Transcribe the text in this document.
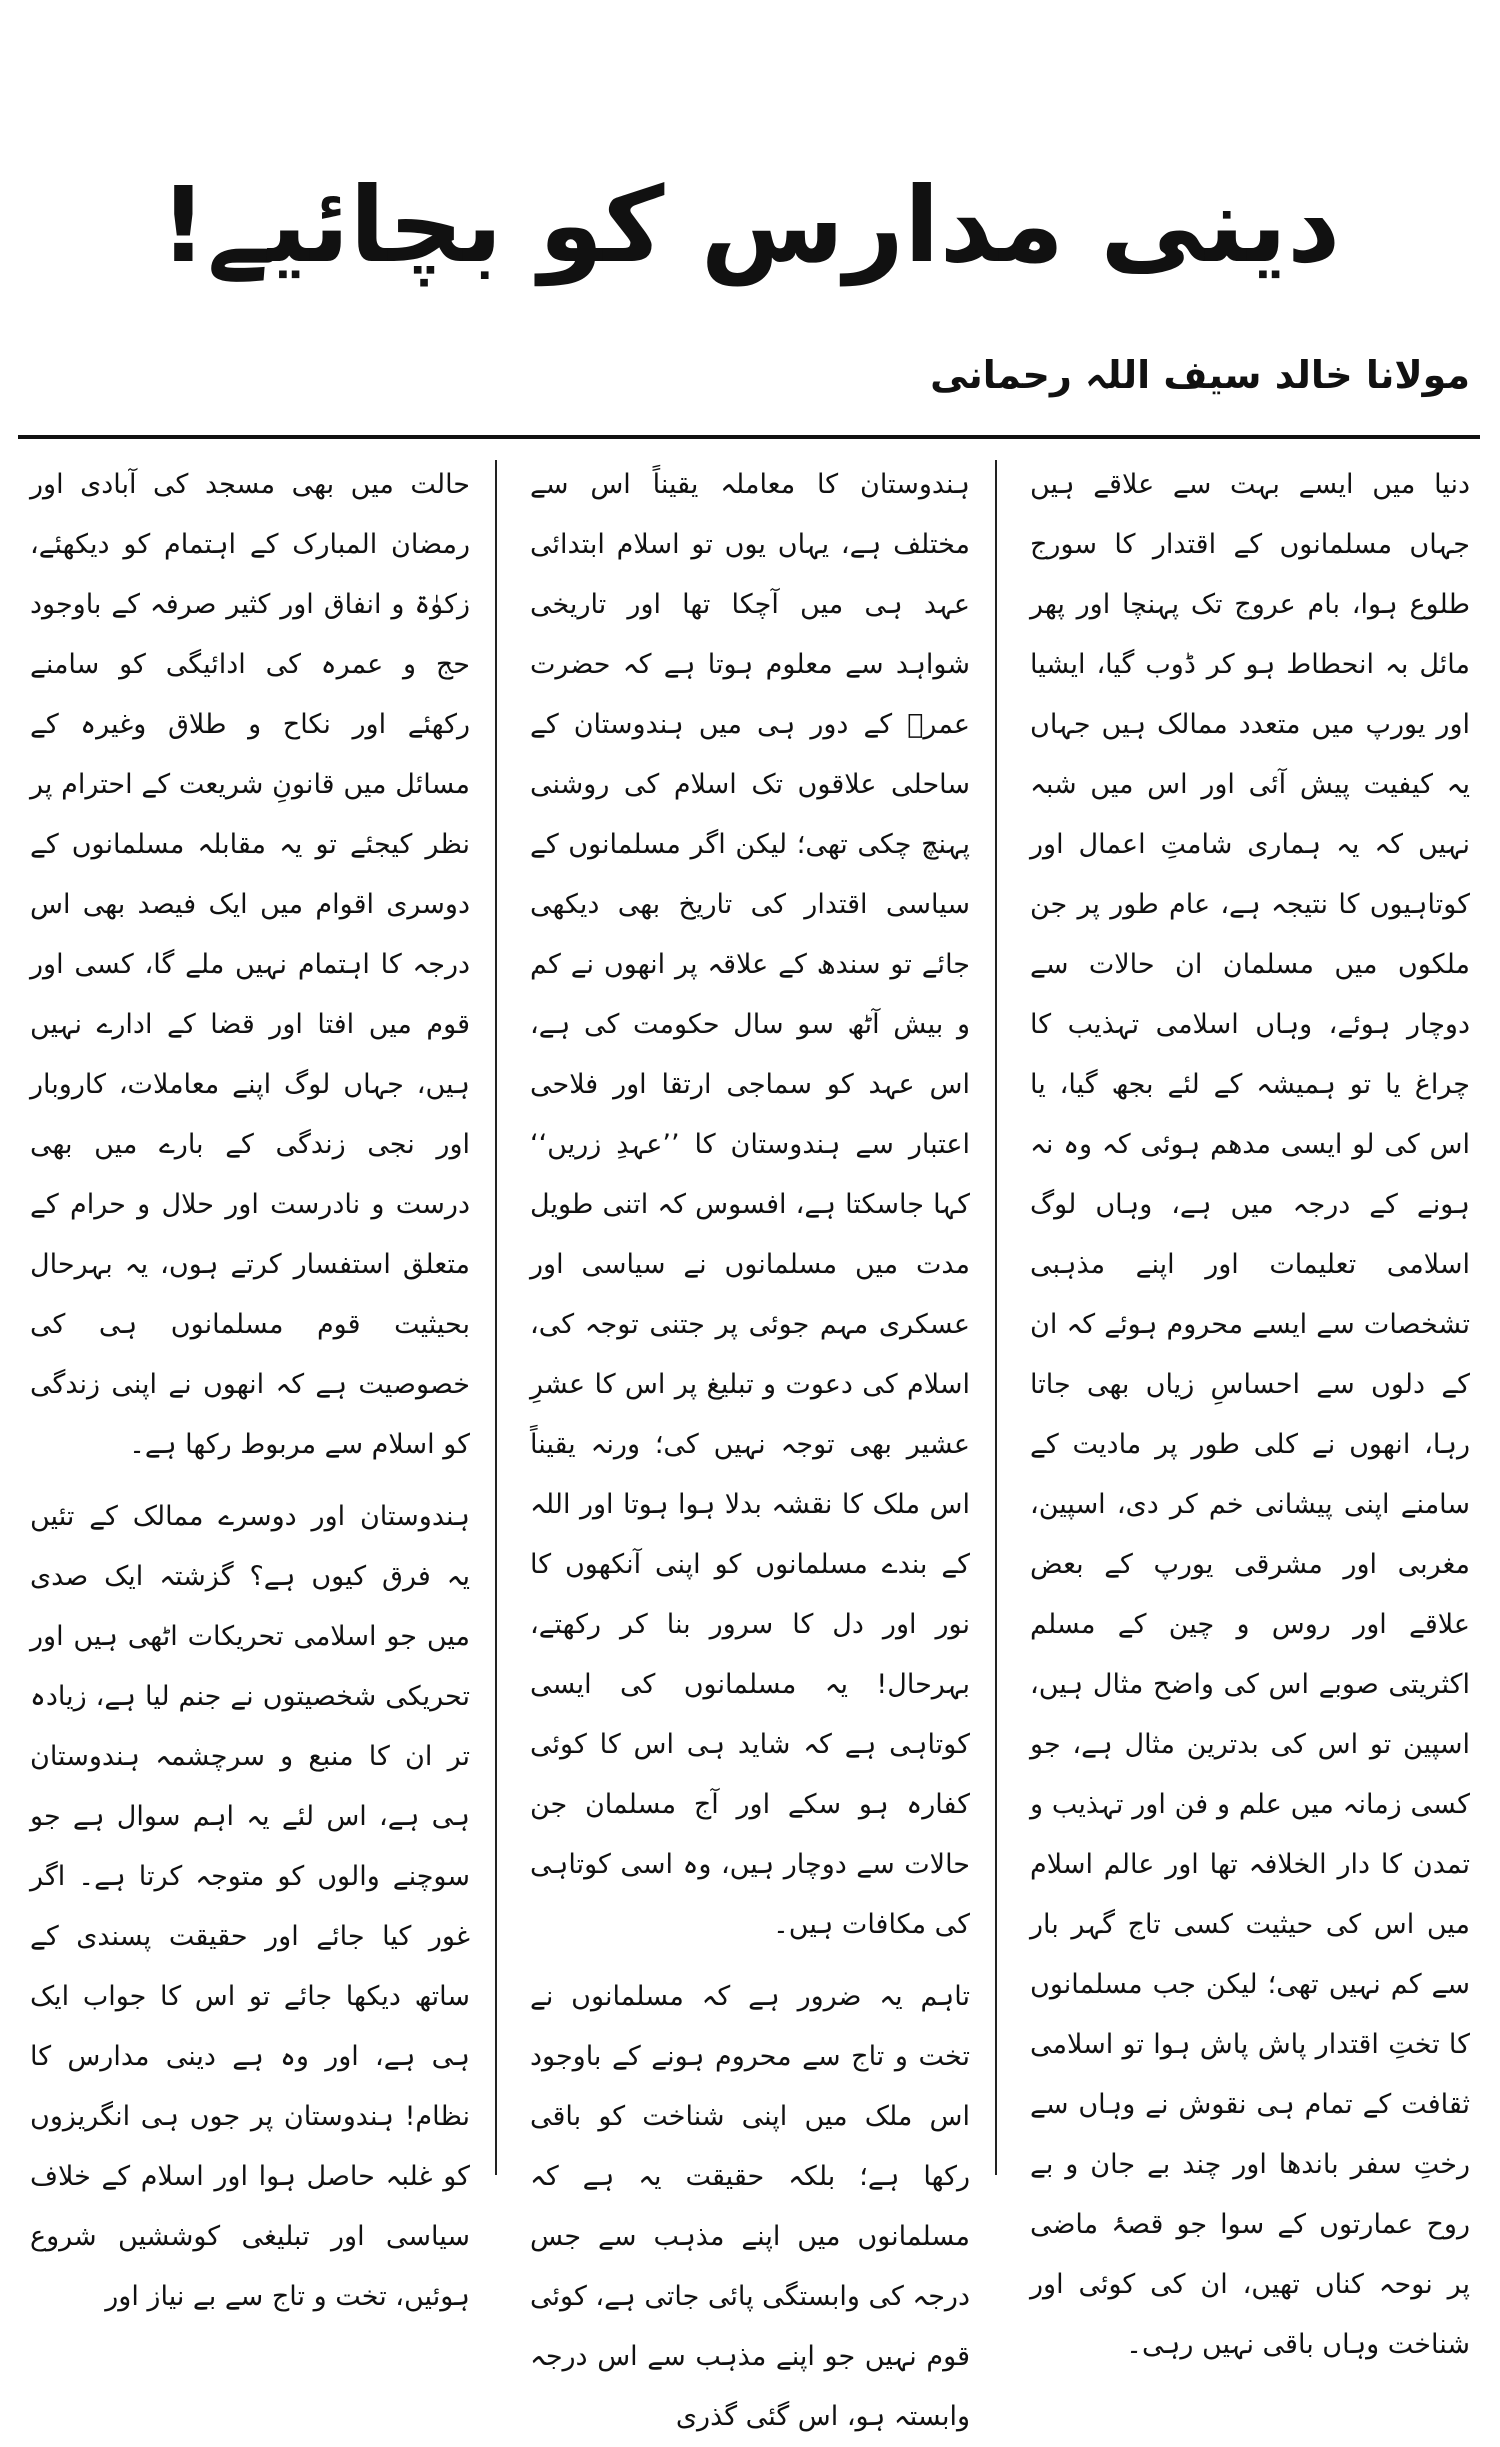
دینی مدارس کو بچائیے!
مولانا خالد سیف اللہ رحمانی

دنیا میں ایسے بہت سے علاقے ہیں جہاں مسلمانوں کے اقتدار کا سورج طلوع ہوا، بام عروج تک پہنچا اور پھر مائل بہ انحطاط ہو کر ڈوب گیا، ایشیا اور یورپ میں متعدد ممالک ہیں جہاں یہ کیفیت پیش آئی اور اس میں شبہ نہیں کہ یہ ہماری شامتِ اعمال اور کوتاہیوں کا نتیجہ ہے، عام طور پر جن ملکوں میں مسلمان ان حالات سے دوچار ہوئے، وہاں اسلامی تہذیب کا چراغ یا تو ہمیشہ کے لئے بجھ گیا، یا اس کی لو ایسی مدھم ہوئی کہ وہ نہ ہونے کے درجہ میں ہے، وہاں لوگ اسلامی تعلیمات اور اپنے مذہبی تشخصات سے ایسے محروم ہوئے کہ ان کے دلوں سے احساسِ زیاں بھی جاتا رہا، انھوں نے کلی طور پر مادیت کے سامنے اپنی پیشانی خم کر دی، اسپین، مغربی اور مشرقی یورپ کے بعض علاقے اور روس و چین کے مسلم اکثریتی صوبے اس کی واضح مثال ہیں، اسپین تو اس کی بدترین مثال ہے، جو کسی زمانہ میں علم و فن اور تہذیب و تمدن کا دار الخلافہ تھا اور عالم اسلام میں اس کی حیثیت کسی تاج گہر بار سے کم نہیں تھی؛ لیکن جب مسلمانوں کا تختِ اقتدار پاش پاش ہوا تو اسلامی ثقافت کے تمام ہی نقوش نے وہاں سے رختِ سفر باندھا اور چند بے جان و بے روح عمارتوں کے سوا جو قصۂ ماضی پر نوحہ کناں تھیں، ان کی کوئی اور شناخت وہاں باقی نہیں رہی۔

ہندوستان کا معاملہ یقیناً اس سے مختلف ہے، یہاں یوں تو اسلام ابتدائی عہد ہی میں آچکا تھا اور تاریخی شواہد سے معلوم ہوتا ہے کہ حضرت عمرؓ کے دور ہی میں ہندوستان کے ساحلی علاقوں تک اسلام کی روشنی پہنچ چکی تھی؛ لیکن اگر مسلمانوں کے سیاسی اقتدار کی تاریخ بھی دیکھی جائے تو سندھ کے علاقہ پر انھوں نے کم و بیش آٹھ سو سال حکومت کی ہے، اس عہد کو سماجی ارتقا اور فلاحی اعتبار سے ہندوستان کا ’’عہدِ زریں‘‘ کہا جاسکتا ہے، افسوس کہ اتنی طویل مدت میں مسلمانوں نے سیاسی اور عسکری مہم جوئی پر جتنی توجہ کی، اسلام کی دعوت و تبلیغ پر اس کا عشرِ عشیر بھی توجہ نہیں کی؛ ورنہ یقیناً اس ملک کا نقشہ بدلا ہوا ہوتا اور اللہ کے بندے مسلمانوں کو اپنی آنکھوں کا نور اور دل کا سرور بنا کر رکھتے، بہرحال! یہ مسلمانوں کی ایسی کوتاہی ہے کہ شاید ہی اس کا کوئی کفارہ ہو سکے اور آج مسلمان جن حالات سے دوچار ہیں، وہ اسی کوتاہی کی مکافات ہیں۔

تاہم یہ ضرور ہے کہ مسلمانوں نے تخت و تاج سے محروم ہونے کے باوجود اس ملک میں اپنی شناخت کو باقی رکھا ہے؛ بلکہ حقیقت یہ ہے کہ مسلمانوں میں اپنے مذہب سے جس درجہ کی وابستگی پائی جاتی ہے، کوئی قوم نہیں جو اپنے مذہب سے اس درجہ وابستہ ہو، اس گئی گذری

حالت میں بھی مسجد کی آبادی اور رمضان المبارک کے اہتمام کو دیکھئے، زکوٰۃ و انفاق اور کثیر صرفہ کے باوجود حج و عمرہ کی ادائیگی کو سامنے رکھئے اور نکاح و طلاق وغیرہ کے مسائل میں قانونِ شریعت کے احترام پر نظر کیجئے تو یہ مقابلہ مسلمانوں کے دوسری اقوام میں ایک فیصد بھی اس درجہ کا اہتمام نہیں ملے گا، کسی اور قوم میں افتا اور قضا کے ادارے نہیں ہیں، جہاں لوگ اپنے معاملات، کاروبار اور نجی زندگی کے بارے میں بھی درست و نادرست اور حلال و حرام کے متعلق استفسار کرتے ہوں، یہ بہرحال بحیثیت قوم مسلمانوں ہی کی خصوصیت ہے کہ انھوں نے اپنی زندگی کو اسلام سے مربوط رکھا ہے۔

ہندوستان اور دوسرے ممالک کے تئیں یہ فرق کیوں ہے؟ گزشتہ ایک صدی میں جو اسلامی تحریکات اٹھی ہیں اور تحریکی شخصیتوں نے جنم لیا ہے، زیادہ تر ان کا منبع و سرچشمہ ہندوستان ہی ہے، اس لئے یہ اہم سوال ہے جو سوچنے والوں کو متوجہ کرتا ہے۔ اگر غور کیا جائے اور حقیقت پسندی کے ساتھ دیکھا جائے تو اس کا جواب ایک ہی ہے، اور وہ ہے دینی مدارس کا نظام! ہندوستان پر جوں ہی انگریزوں کو غلبہ حاصل ہوا اور اسلام کے خلاف سیاسی اور تبلیغی کوششیں شروع ہوئیں، تخت و تاج سے بے نیاز اور
